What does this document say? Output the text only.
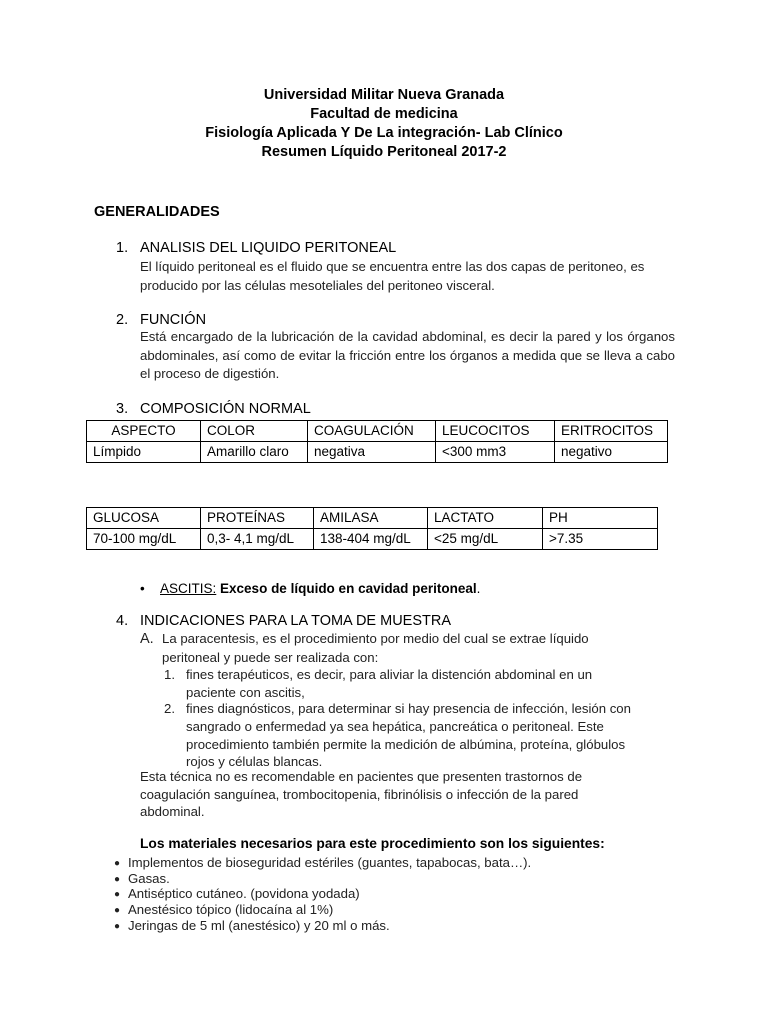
Universidad Militar Nueva Granada
Facultad de medicina
Fisiología Aplicada Y De La integración- Lab Clínico
Resumen Líquido Peritoneal 2017-2
GENERALIDADES
1. ANALISIS DEL LIQUIDO PERITONEAL
El líquido peritoneal es el fluido que se encuentra entre las dos capas de peritoneo, es producido por las células mesoteliales del peritoneo visceral.
2. FUNCIÓN
Está encargado de la lubricación de la cavidad abdominal, es decir la pared y los órganos abdominales, así como de evitar la fricción entre los órganos a medida que se lleva a cabo el proceso de digestión.
3. COMPOSICIÓN NORMAL
ASPECTO	COLOR	COAGULACIÓN	LEUCOCITOS	ERITROCITOS
Límpido	Amarillo claro	negativa	<300 mm3	negativo
GLUCOSA	PROTEÍNAS	AMILASA	LACTATO	PH
70-100 mg/dL	0,3- 4,1 mg/dL	138-404 mg/dL	<25 mg/dL	>7.35
• ASCITIS: Exceso de líquido en cavidad peritoneal.
4. INDICACIONES PARA LA TOMA DE MUESTRA
A. La paracentesis, es el procedimiento por medio del cual se extrae líquido
peritoneal y puede ser realizada con:
1. fines terapéuticos, es decir, para aliviar la distención abdominal en un
paciente con ascitis,
2. fines diagnósticos, para determinar si hay presencia de infección, lesión con
sangrado o enfermedad ya sea hepática, pancreática o peritoneal. Este
procedimiento también permite la medición de albúmina, proteína, glóbulos
rojos y células blancas.
Esta técnica no es recomendable en pacientes que presenten trastornos de
coagulación sanguínea, trombocitopenia, fibrinólisis o infección de la pared
abdominal.
Los materiales necesarios para este procedimiento son los siguientes:
● Implementos de bioseguridad estériles (guantes, tapabocas, bata…).
● Gasas.
● Antiséptico cutáneo. (povidona yodada)
● Anestésico tópico (lidocaína al 1%)
● Jeringas de 5 ml (anestésico) y 20 ml o más.
